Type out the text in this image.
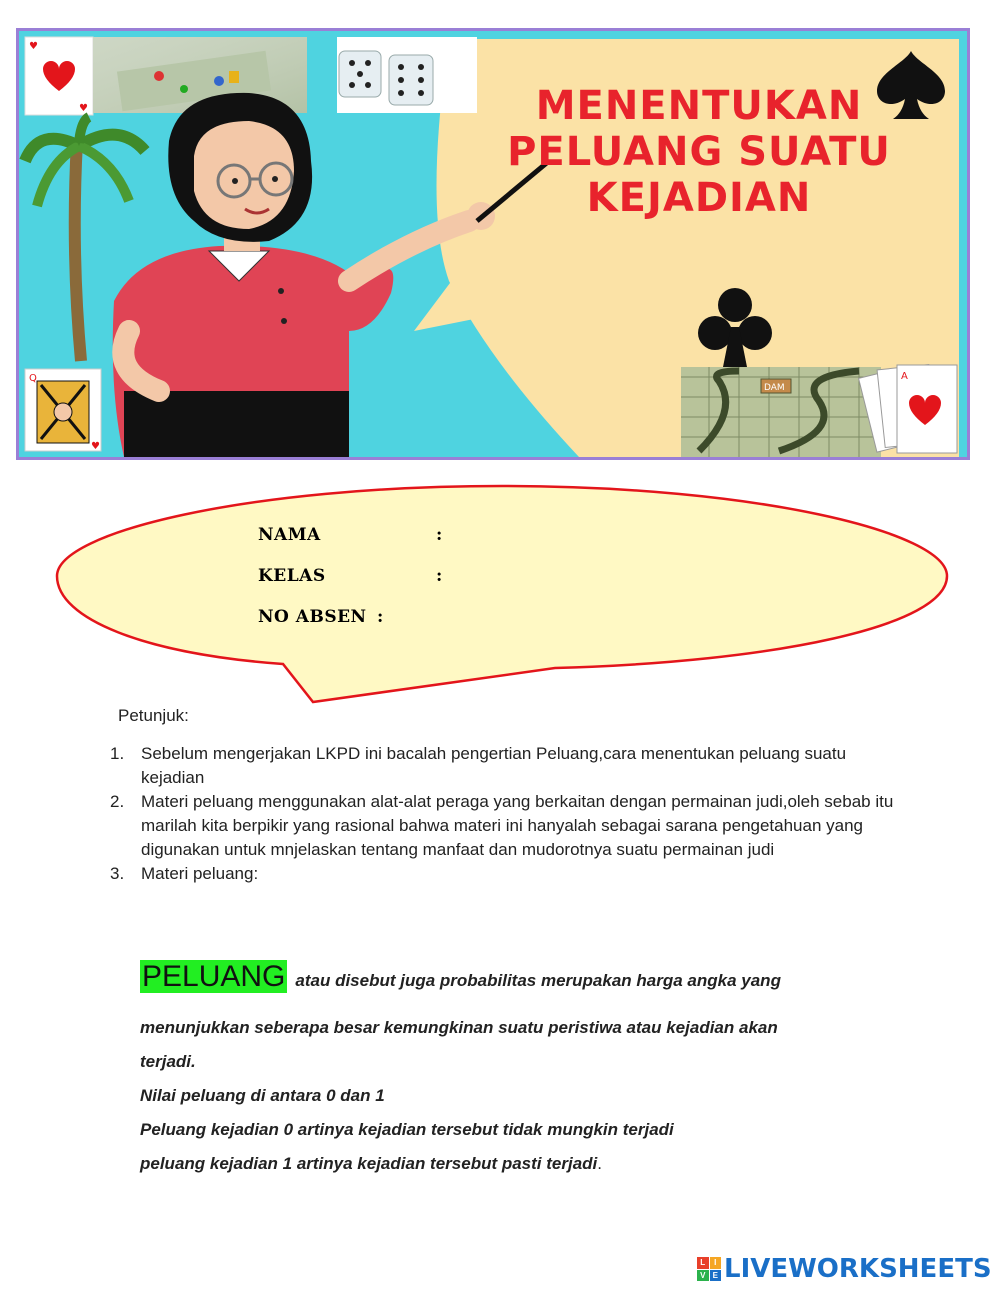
♥
♥
Q
♥
DAM
A
MENENTUKAN
PELUANG SUATU
KEJADIAN
NAMA	:
KELAS	:
NO ABSEN :
Petunjuk:
1. Sebelum mengerjakan LKPD ini bacalah pengertian Peluang,cara menentukan peluang suatu kejadian
2. Materi peluang menggunakan alat-alat peraga yang berkaitan dengan permainan judi,oleh sebab itu marilah kita berpikir yang rasional bahwa materi ini hanyalah sebagai sarana pengetahuan yang digunakan untuk mnjelaskan tentang manfaat dan mudorotnya suatu permainan judi
3. Materi peluang:
PELUANG atau disebut juga probabilitas merupakan harga angka yang
menunjukkan seberapa besar kemungkinan suatu peristiwa atau kejadian akan
terjadi.
Nilai peluang di antara 0 dan 1
Peluang kejadian 0 artinya kejadian tersebut tidak mungkin terjadi
peluang kejadian 1 artinya kejadian tersebut pasti terjadi.
L	I
V E LIVEWORKSHEETS
